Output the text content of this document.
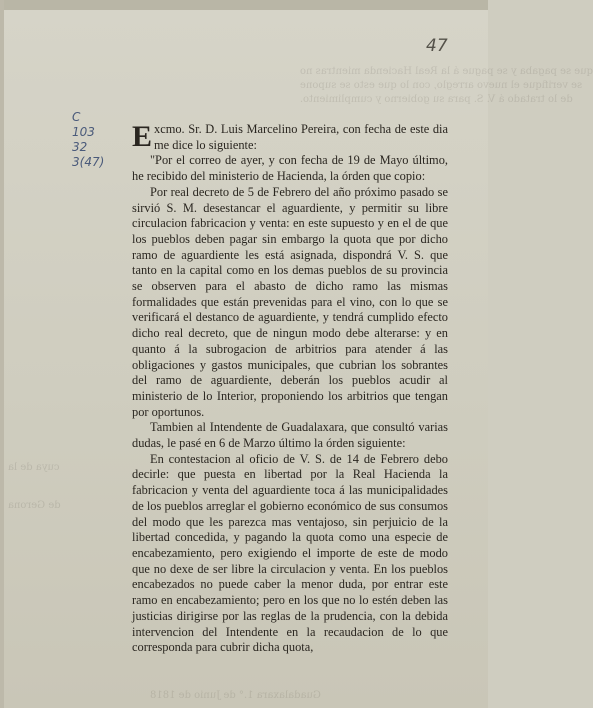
que se pagaba y se pague á la Real Hacienda mientras no
se verifique el nuevo arreglo, con lo que esto se supone
de lo tratado á V. S. para su gobierno y cumplimiento.
cuya de la
de Gerona
Guadalaxara 1.° de Junio de 1818
47
C
103
32
3(47)

Excmo. Sr. D. Luis Marcelino Pereira, con fecha de este dia me dice lo siguiente:

"Por el correo de ayer, y con fecha de 19 de Mayo último, he recibido del ministerio de Hacienda, la órden que copio:

Por real decreto de 5 de Febrero del año próximo pasado se sirvió S. M. desestancar el aguardiente, y permitir su libre circulacion fabricacion y venta: en este supuesto y en el de que los pueblos deben pagar sin embargo la quota que por dicho ramo de aguardiente les está asignada, dispondrá V. S. que tanto en la capital como en los demas pueblos de su provincia se observen para el abasto de dicho ramo las mismas formalidades que están prevenidas para el vino, con lo que se verificará el destanco de aguardiente, y tendrá cumplido efecto dicho real decreto, que de ningun modo debe alterarse: y en quanto á la subrogacion de arbitrios para atender á las obligaciones y gastos municipales, que cubrian los sobrantes del ramo de aguardiente, deberán los pueblos acudir al ministerio de lo Interior, proponiendo los arbitrios que tengan por oportunos.

Tambien al Intendente de Guadalaxara, que consultó varias dudas, le pasé en 6 de Marzo último la órden siguiente:

En contestacion al oficio de V. S. de 14 de Febrero debo decirle: que puesta en libertad por la Real Hacienda la fabricacion y venta del aguardiente toca á las municipalidades de los pueblos arreglar el gobierno económico de sus consumos del modo que les parezca mas ventajoso, sin perjuicio de la libertad concedida, y pagando la quota como una especie de encabezamiento, pero exigiendo el importe de este de modo que no dexe de ser libre la circulacion y venta. En los pueblos encabezados no puede caber la menor duda, por entrar este ramo en encabezamiento; pero en los que no lo estén deben las justicias dirigirse por las reglas de la prudencia, con la debida intervencion del Intendente en la recaudacion de lo que corresponda para cubrir dicha quota,
